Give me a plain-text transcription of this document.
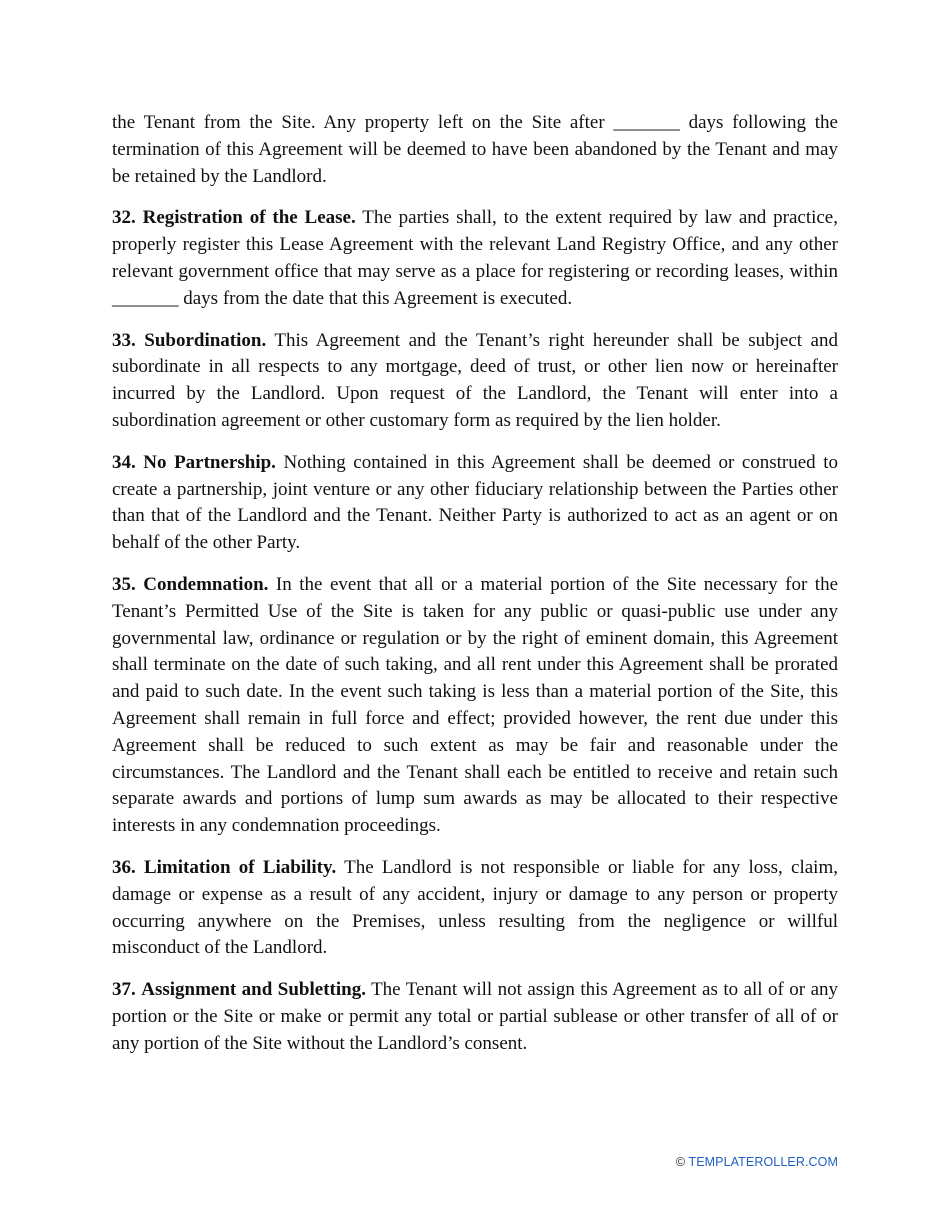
the Tenant from the Site. Any property left on the Site after _______ days following the termination of this Agreement will be deemed to have been abandoned by the Tenant and may be retained by the Landlord.

32. Registration of the Lease. The parties shall, to the extent required by law and practice, properly register this Lease Agreement with the relevant Land Registry Office, and any other relevant government office that may serve as a place for registering or recording leases, within _______ days from the date that this Agreement is executed.

33. Subordination. This Agreement and the Tenant’s right hereunder shall be subject and subordinate in all respects to any mortgage, deed of trust, or other lien now or hereinafter incurred by the Landlord. Upon request of the Landlord, the Tenant will enter into a subordination agreement or other customary form as required by the lien holder.

34. No Partnership. Nothing contained in this Agreement shall be deemed or construed to create a partnership, joint venture or any other fiduciary relationship between the Parties other than that of the Landlord and the Tenant. Neither Party is authorized to act as an agent or on behalf of the other Party.

35. Condemnation. In the event that all or a material portion of the Site necessary for the Tenant’s Permitted Use of the Site is taken for any public or quasi-public use under any governmental law, ordinance or regulation or by the right of eminent domain, this Agreement shall terminate on the date of such taking, and all rent under this Agreement shall be prorated and paid to such date. In the event such taking is less than a material portion of the Site, this Agreement shall remain in full force and effect; provided however, the rent due under this Agreement shall be reduced to such extent as may be fair and reasonable under the circumstances. The Landlord and the Tenant shall each be entitled to receive and retain such separate awards and portions of lump sum awards as may be allocated to their respective interests in any condemnation proceedings.

36. Limitation of Liability. The Landlord is not responsible or liable for any loss, claim, damage or expense as a result of any accident, injury or damage to any person or property occurring anywhere on the Premises, unless resulting from the negligence or willful misconduct of the Landlord.

37. Assignment and Subletting. The Tenant will not assign this Agreement as to all of or any portion or the Site or make or permit any total or partial sublease or other transfer of all of or any portion of the Site without the Landlord’s consent.

© TEMPLATEROLLER.COM
